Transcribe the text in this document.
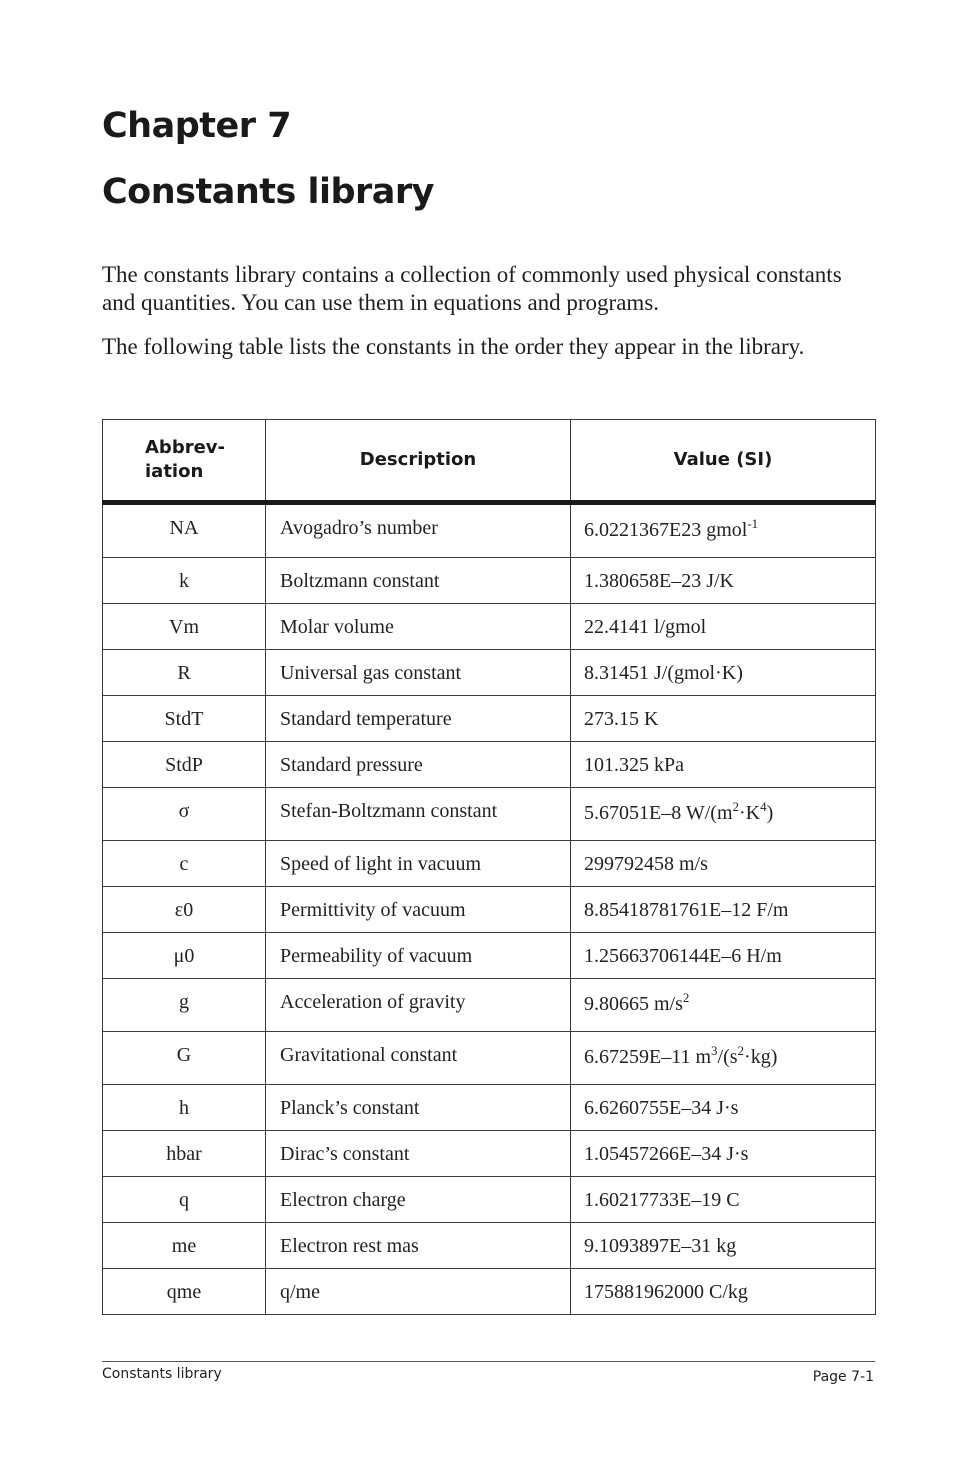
Chapter 7
Constants library

The constants library contains a collection of commonly used physical constants and quantities. You can use them in equations and programs.

The following table lists the constants in the order they appear in the library.

Abbrev-
iation	Description	Value (SI)
NA	Avogadro’s number	6.0221367E23 gmol$^{-1}$
k	Boltzmann constant	1.380658E–23 J/K
Vm	Molar volume	22.4141 l/gmol
R	Universal gas constant	8.31451 J/(gmol·K)
StdT	Standard temperature	273.15 K
StdP	Standard pressure	101.325 kPa
σ	Stefan-Boltzmann constant	5.67051E–8 $W/(m^2\cdot K^4)$
c	Speed of light in vacuum	299792458 m/s
ε0	Permittivity of vacuum	8.85418781761E–12 F/m
μ0	Permeability of vacuum	1.25663706144E–6 H/m
g	Acceleration of gravity	9.80665 $m/s^2$
G	Gravitational constant	6.67259E–11 $m^3/(s^2\cdot kg)$
h	Planck’s constant	6.6260755E–34 J·s
hbar	Dirac’s constant	1.05457266E–34 J·s
q	Electron charge	1.60217733E–19 C
me	Electron rest mas	9.1093897E–31 kg
qme	q/me	175881962000 C/kg

Constants library	Page 7-1
